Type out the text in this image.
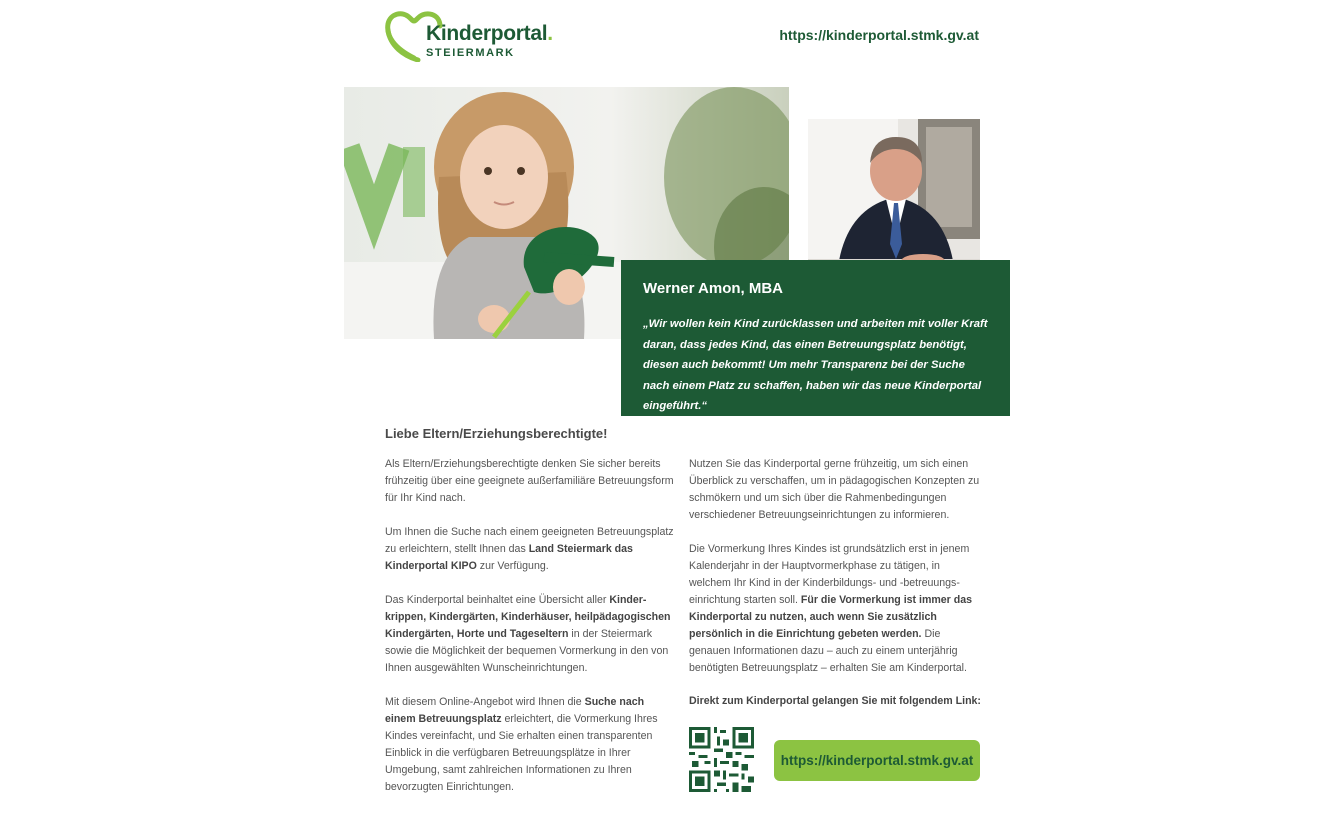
Kinderportal.
STEIERMARK
https://kinderportal.stmk.gv.at
Werner Amon, MBA
„Wir wollen kein Kind zurücklassen und arbeiten mit voller Kraft daran, dass jedes Kind, das einen Betreuungsplatz benötigt, diesen auch bekommt! Um mehr Transparenz bei der Suche nach einem Platz zu schaffen, haben wir das neue Kinderportal eingeführt.“
Liebe Eltern/Erziehungsberechtigte!

Als Eltern/Erziehungsberechtigte denken Sie sicher bereits frühzeitig über eine geeignete außerfamiliäre Betreuungsform für Ihr Kind nach.

Um Ihnen die Suche nach einem geeigneten Betreuungsplatz zu erleichtern, stellt Ihnen das Land Steiermark das Kinderportal KIPO zur Verfügung.

Das Kinderportal beinhaltet eine Übersicht aller Kinderkrippen, Kindergärten, Kinderhäuser, heilpädagogischen Kindergärten, Horte und Tageseltern in der Steiermark sowie die Möglichkeit der bequemen Vormerkung in den von Ihnen ausgewählten Wunscheinrichtungen.

Mit diesem Online-Angebot wird Ihnen die Suche nach einem Betreuungsplatz erleichtert, die Vormerkung Ihres Kindes vereinfacht, und Sie erhalten einen transparenten Einblick in die verfügbaren Betreuungsplätze in Ihrer Umgebung, samt zahlreichen Informationen zu Ihren bevorzugten Einrichtungen.

Nutzen Sie das Kinderportal gerne frühzeitig, um sich einen Überblick zu verschaffen, um in pädagogischen Konzepten zu schmökern und um sich über die Rahmenbedingungen verschiedener Betreuungseinrichtungen zu informieren.

Die Vormerkung Ihres Kindes ist grundsätzlich erst in jenem Kalenderjahr in der Hauptvormerkphase zu tätigen, in welchem Ihr Kind in der Kinderbildungs- und -betreuungseinrichtung starten soll. Für die Vormerkung ist immer das Kinderportal zu nutzen, auch wenn Sie zusätzlich persönlich in die Einrichtung gebeten werden. Die genauen Informationen dazu – auch zu einem unterjährig benötigten Betreuungsplatz – erhalten Sie am Kinderportal.

Direkt zum Kinderportal gelangen Sie mit folgendem Link:
https://kinderportal.stmk.gv.at
